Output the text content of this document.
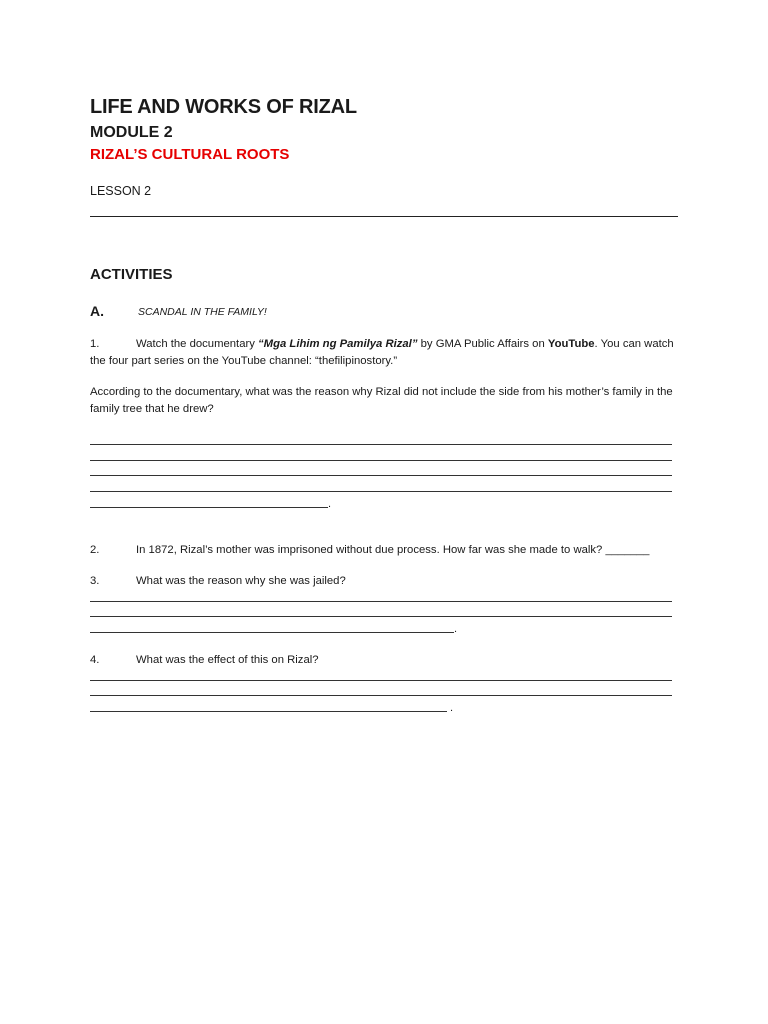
LIFE AND WORKS OF RIZAL
MODULE 2
RIZAL’S CULTURAL ROOTS
LESSON 2
ACTIVITIES
A.	SCANDAL IN THE FAMILY!
1.	Watch the documentary “Mga Lihim ng Pamilya Rizal” by GMA Public Affairs on YouTube. You can watch the four part series on the YouTube channel: “thefilipinostory.”
According to the documentary, what was the reason why Rizal did not include the side from his mother’s family in the family tree that he drew?
.
2.	In 1872, Rizal’s mother was imprisoned without due process. How far was she made to walk? _______
3.	What was the reason why she was jailed?
.
4.	What was the effect of this on Rizal?
.
